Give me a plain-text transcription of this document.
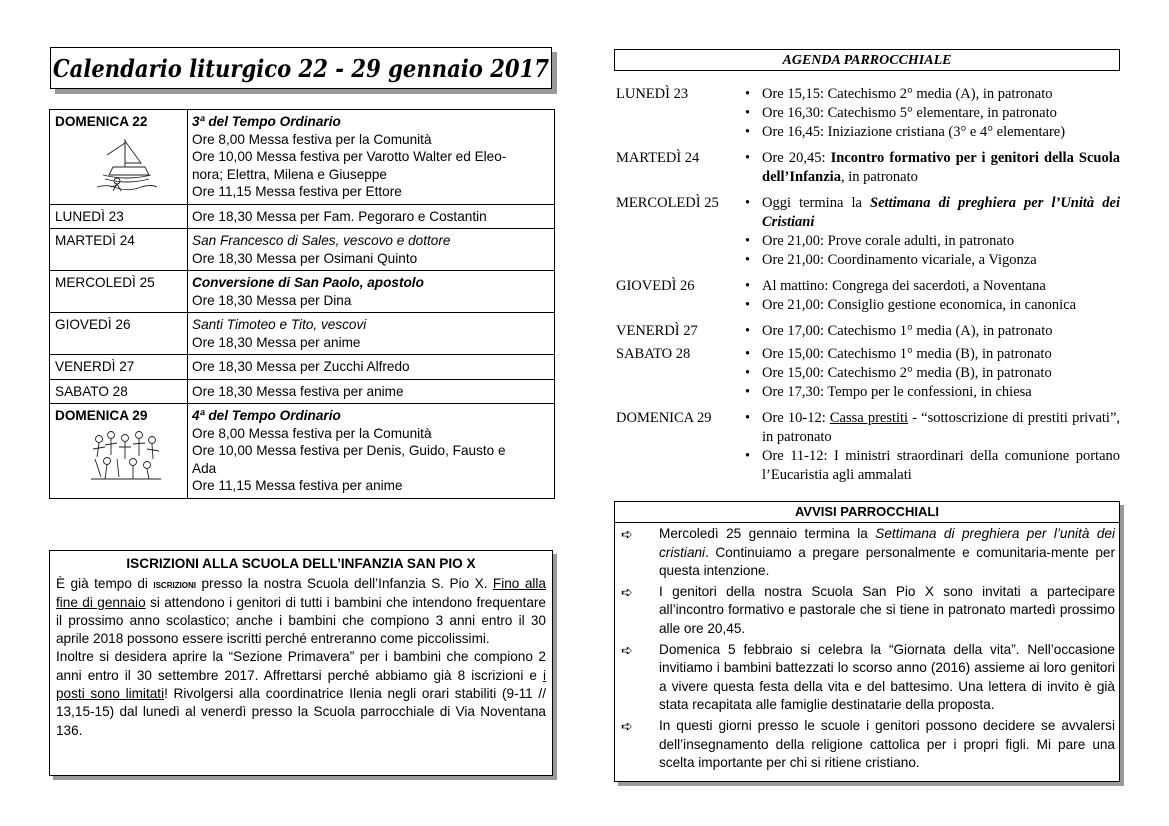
Calendario liturgico 22 - 29 gennaio 2017
DOMENICA 22	3ª del Tempo Ordinario
Ore 8,00 Messa festiva per la Comunità
Ore 10,00 Messa festiva per Varotto Walter ed Eleo-
nora; Elettra, Milena e Giuseppe
Ore 11,15 Messa festiva per Ettore

LUNEDÌ 23	Ore 18,30 Messa per Fam. Pegoraro e Costantin
MARTEDÌ 24	San Francesco di Sales, vescovo e dottore
Ore 18,30 Messa per Osimani Quinto

MERCOLEDÌ 25	Conversione di San Paolo, apostolo
Ore 18,30 Messa per Dina

GIOVEDÌ 26	Santi Timoteo e Tito, vescovi
Ore 18,30 Messa per anime

VENERDÌ 27	Ore 18,30 Messa per Zucchi Alfredo
SABATO 28	Ore 18,30 Messa festiva per anime

DOMENICA 29	4ª del Tempo Ordinario
Ore 8,00 Messa festiva per la Comunità
Ore 10,00 Messa festiva per Denis, Guido, Fausto e
Ada
Ore 11,15 Messa festiva per anime
ISCRIZIONI ALLA SCUOLA DELL’INFANZIA SAN PIO X

È già tempo di iscrizioni presso la nostra Scuola dell’Infanzia S. Pio X. Fino alla fine di gennaio si attendono i genitori di tutti i bambini che intendono frequentare il prossimo anno scolastico; anche i bambini che compiono 3 anni entro il 30 aprile 2018 possono essere iscritti perché entreranno come piccolissimi.

Inoltre si desidera aprire la “Sezione Primavera” per i bambini che compiono 2 anni entro il 30 settembre 2017. Affrettarsi perché abbiamo già 8 iscrizioni e i posti sono limitati! Rivolgersi alla coordinatrice Ilenia negli orari stabiliti (9-11 // 13,15-15) dal lunedì al venerdì presso la Scuola parrocchiale di Via Noventana 136.

AGENDA PARROCCHIALE
LUNEDÌ 23	• Ore 15,15: Catechismo 2° media (A), in patronato
• Ore 16,30: Catechismo 5° elementare, in patronato
• Ore 16,45: Iniziazione cristiana (3° e 4° elementare)
MARTEDÌ 24	• Ore 20,45: Incontro formativo per i genitori della Scuola dell’Infanzia, in patronato
MERCOLEDÌ 25	• Oggi termina la Settimana di preghiera per l’Unità dei Cristiani
• Ore 21,00: Prove corale adulti, in patronato
• Ore 21,00: Coordinamento vicariale, a Vigonza
GIOVEDÌ 26	• Al mattino: Congrega dei sacerdoti, a Noventana
• Ore 21,00: Consiglio gestione economica, in canonica
VENERDÌ 27	• Ore 17,00: Catechismo 1° media (A), in patronato
SABATO 28	• Ore 15,00: Catechismo 1° media (B), in patronato
• Ore 15,00: Catechismo 2° media (B), in patronato
• Ore 17,30: Tempo per le confessioni, in chiesa
DOMENICA 29	• Ore 10-12: Cassa prestiti - “sottoscrizione di prestiti privati”, in patronato
• Ore 11-12: I ministri straordinari della comunione portano l’Eucaristia agli ammalati
AVVISI PARROCCHIALI
➪	Mercoledì 25 gennaio termina la Settimana di preghiera per l’unità dei cristiani. Continuiamo a pregare personalmente e comunitaria-mente per questa intenzione.
➪	I genitori della nostra Scuola San Pio X sono invitati a partecipare all’incontro formativo e pastorale che si tiene in patronato martedì prossimo alle ore 20,45.
➪	Domenica 5 febbraio si celebra la “Giornata della vita”. Nell’occasione invitiamo i bambini battezzati lo scorso anno (2016) assieme ai loro genitori a vivere questa festa della vita e del battesimo. Una lettera di invito è già stata recapitata alle famiglie destinatarie della proposta.
➪	In questi giorni presso le scuole i genitori possono decidere se avvalersi dell’insegnamento della religione cattolica per i propri figli. Mi pare una scelta importante per chi si ritiene cristiano.
